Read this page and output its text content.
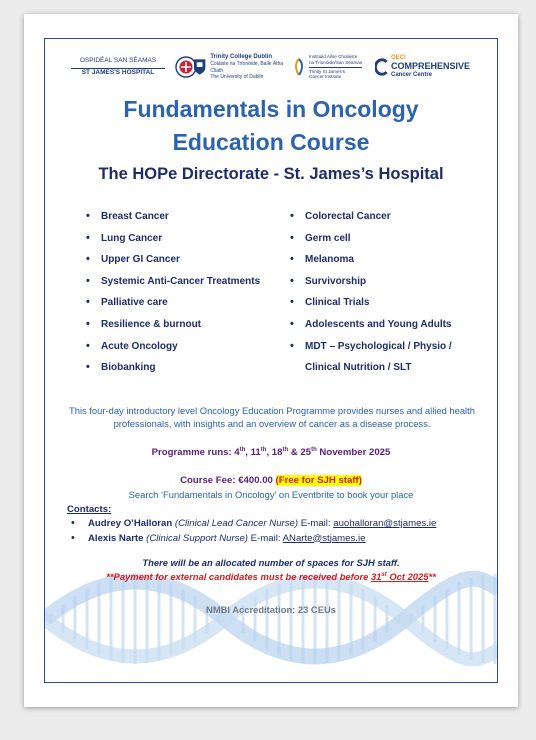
OSPIDÉAL SAN SÉAMAS
ST JAMES'S HOSPITAL
Trinity College Dublin
Coláiste na Tríonóide, Baile Átha Cliath
The University of Dublin
Institiúid Ailse Choláiste
na Tríonóide/San Séamas
Trinity St James's
Cancer Institute
OECI
COMPREHENSIVE
Cancer Centre
Fundamentals in Oncology
Education Course
The HOPe Directorate - St. James’s Hospital
• Breast Cancer
• Lung Cancer
• Upper GI Cancer
• Systemic Anti-Cancer Treatments
• Palliative care
• Resilience & burnout
• Acute Oncology
• Biobanking
• Colorectal Cancer
• Germ cell
• Melanoma
• Survivorship
• Clinical Trials
• Adolescents and Young Adults
• MDT – Psychological / Physio /
Clinical Nutrition / SLT
This four-day introductory level Oncology Education Programme provides nurses and allied health professionals, with insights and an overview of cancer as a disease process.
Programme runs: 4th, 11th, 18th & 25th November 2025
Course Fee: €400.00 (Free for SJH staff)
Search ‘Fundamentals in Oncology’ on Eventbrite to book your place
Contacts:
• Audrey O’Halloran (Clinical Lead Cancer Nurse) E-mail: auohalloran@stjames.ie
• Alexis Narte (Clinical Support Nurse) E-mail: ANarte@stjames.ie
There will be an allocated number of spaces for SJH staff.
**Payment for external candidates must be received before 31st Oct 2025**
NMBI Accreditation: 23 CEUs
